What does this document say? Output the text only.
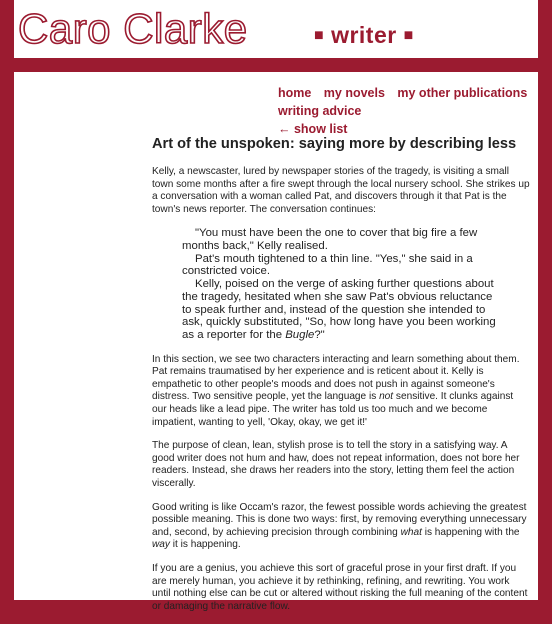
Caro Clarke	■ writer ■
home my novels my other publications writing advice
← show list
Art of the unspoken: saying more by describing less

Kelly, a newscaster, lured by newspaper stories of the tragedy, is visiting a small town some months after a fire swept through the local nursery school. She strikes up a conversation with a woman called Pat, and discovers through it that Pat is the town's news reporter. The conversation continues:

"You must have been the one to cover that big fire a few months back," Kelly realised.

Pat's mouth tightened to a thin line. "Yes," she said in a constricted voice.

Kelly, poised on the verge of asking further questions about the tragedy, hesitated when she saw Pat's obvious reluctance to speak further and, instead of the question she intended to ask, quickly substituted, "So, how long have you been working as a reporter for the Bugle?"

In this section, we see two characters interacting and learn something about them. Pat remains traumatised by her experience and is reticent about it. Kelly is empathetic to other people's moods and does not push in against someone's distress. Two sensitive people, yet the language is not sensitive. It clunks against our heads like a lead pipe. The writer has told us too much and we become impatient, wanting to yell, 'Okay, okay, we get it!'

The purpose of clean, lean, stylish prose is to tell the story in a satisfying way. A good writer does not hum and haw, does not repeat information, does not bore her readers. Instead, she draws her readers into the story, letting them feel the action viscerally.

Good writing is like Occam's razor, the fewest possible words achieving the greatest possible meaning. This is done two ways: first, by removing everything unnecessary and, second, by achieving precision through combining what is happening with the way it is happening.

If you are a genius, you achieve this sort of graceful prose in your first draft. If you are merely human, you achieve it by rethinking, refining, and rewriting. You work until nothing else can be cut or altered without risking the full meaning of the content or damaging the narrative flow.
